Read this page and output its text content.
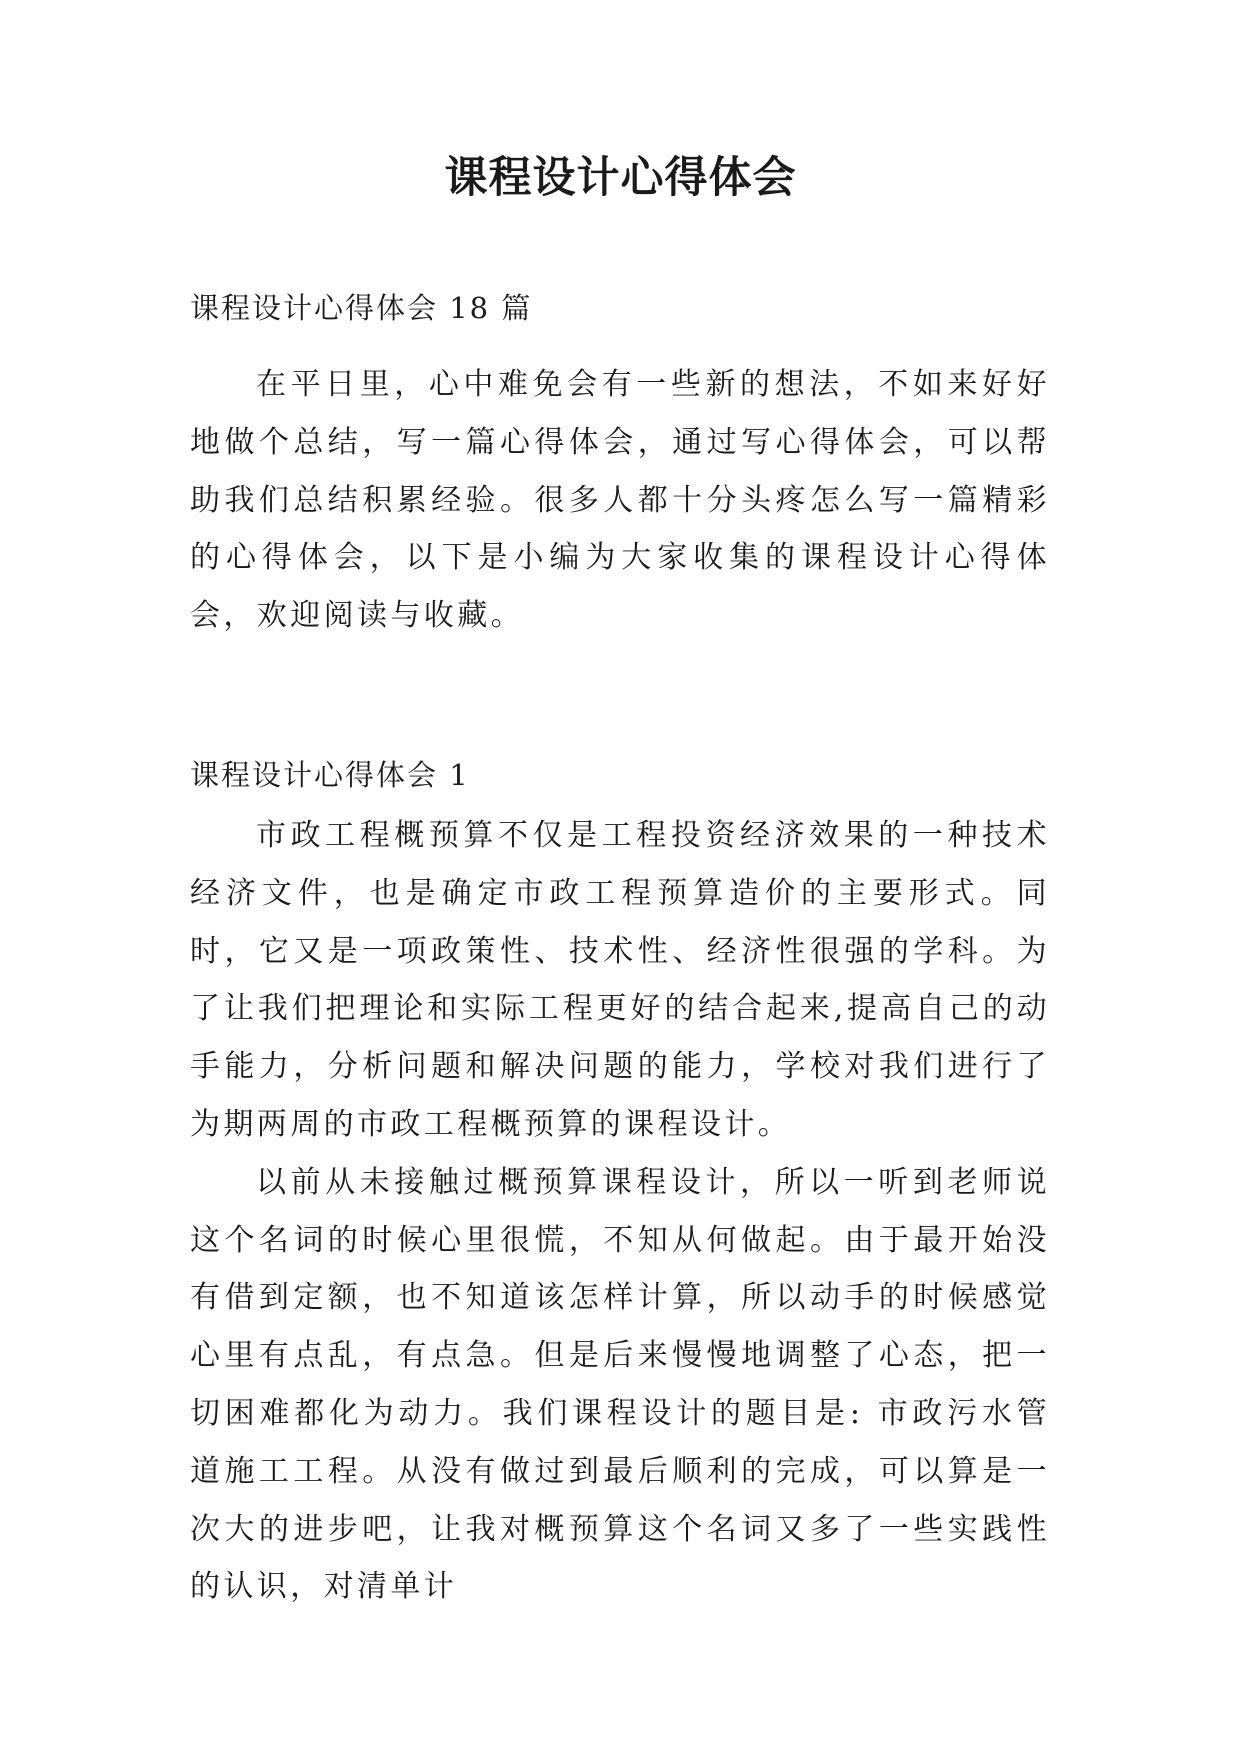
课程设计心得体会

课程设计心得体会 18 篇

在平日里，心中难免会有一些新的想法，不如来好好地做个总结，写一篇心得体会，通过写心得体会，可以帮助我们总结积累经验。很多人都十分头疼怎么写一篇精彩的心得体会，以下是小编为大家收集的课程设计心得体会，欢迎阅读与收藏。

课程设计心得体会 1

市政工程概预算不仅是工程投资经济效果的一种技术经济文件，也是确定市政工程预算造价的主要形式。同时，它又是一项政策性、技术性、经济性很强的学科。为了让我们把理论和实际工程更好的结合起来,提高自己的动手能力，分析问题和解决问题的能力，学校对我们进行了为期两周的市政工程概预算的课程设计。

以前从未接触过概预算课程设计，所以一听到老师说这个名词的时候心里很慌，不知从何做起。由于最开始没有借到定额，也不知道该怎样计算，所以动手的时候感觉心里有点乱，有点急。但是后来慢慢地调整了心态，把一切困难都化为动力。我们课程设计的题目是: 市政污水管道施工工程。从没有做过到最后顺利的完成，可以算是一次大的进步吧，让我对概预算这个名词又多了一些实践性的认识，对清单计
